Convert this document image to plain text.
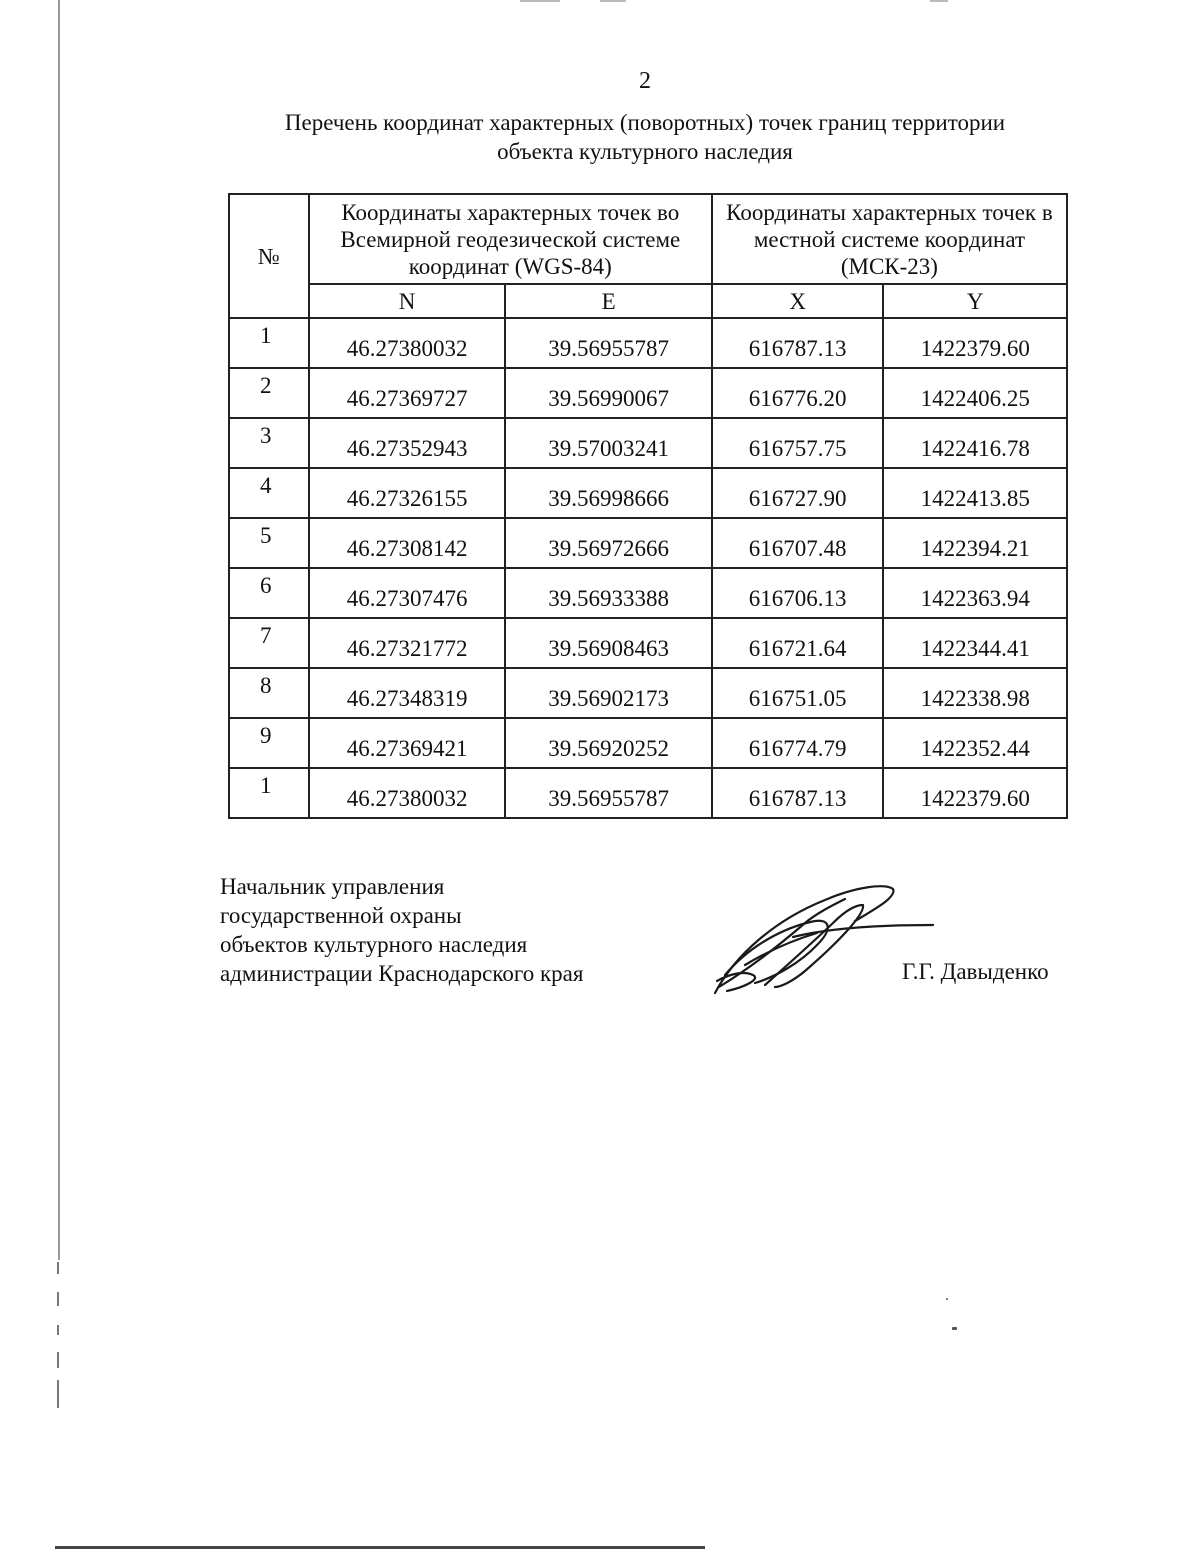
2
Перечень координат характерных (поворотных) точек границ территории
объекта культурного наследия
№	Координаты характерных точек во Всемирной геодезической системе координат (WGS-84)		Координаты характерных точек в местной системе координат (МСК-23)	
	N	E	X	Y
1	46.27380032	39.56955787	616787.13	1422379.60
2	46.27369727	39.56990067	616776.20	1422406.25
3	46.27352943	39.57003241	616757.75	1422416.78
4	46.27326155	39.56998666	616727.90	1422413.85
5	46.27308142	39.56972666	616707.48	1422394.21
6	46.27307476	39.56933388	616706.13	1422363.94
7	46.27321772	39.56908463	616721.64	1422344.41
8	46.27348319	39.56902173	616751.05	1422338.98
9	46.27369421	39.56920252	616774.79	1422352.44
1	46.27380032	39.56955787	616787.13	1422379.60
Начальник управления
государственной охраны
объектов культурного наследия
администрации Краснодарского края	Г.Г. Давыденко
